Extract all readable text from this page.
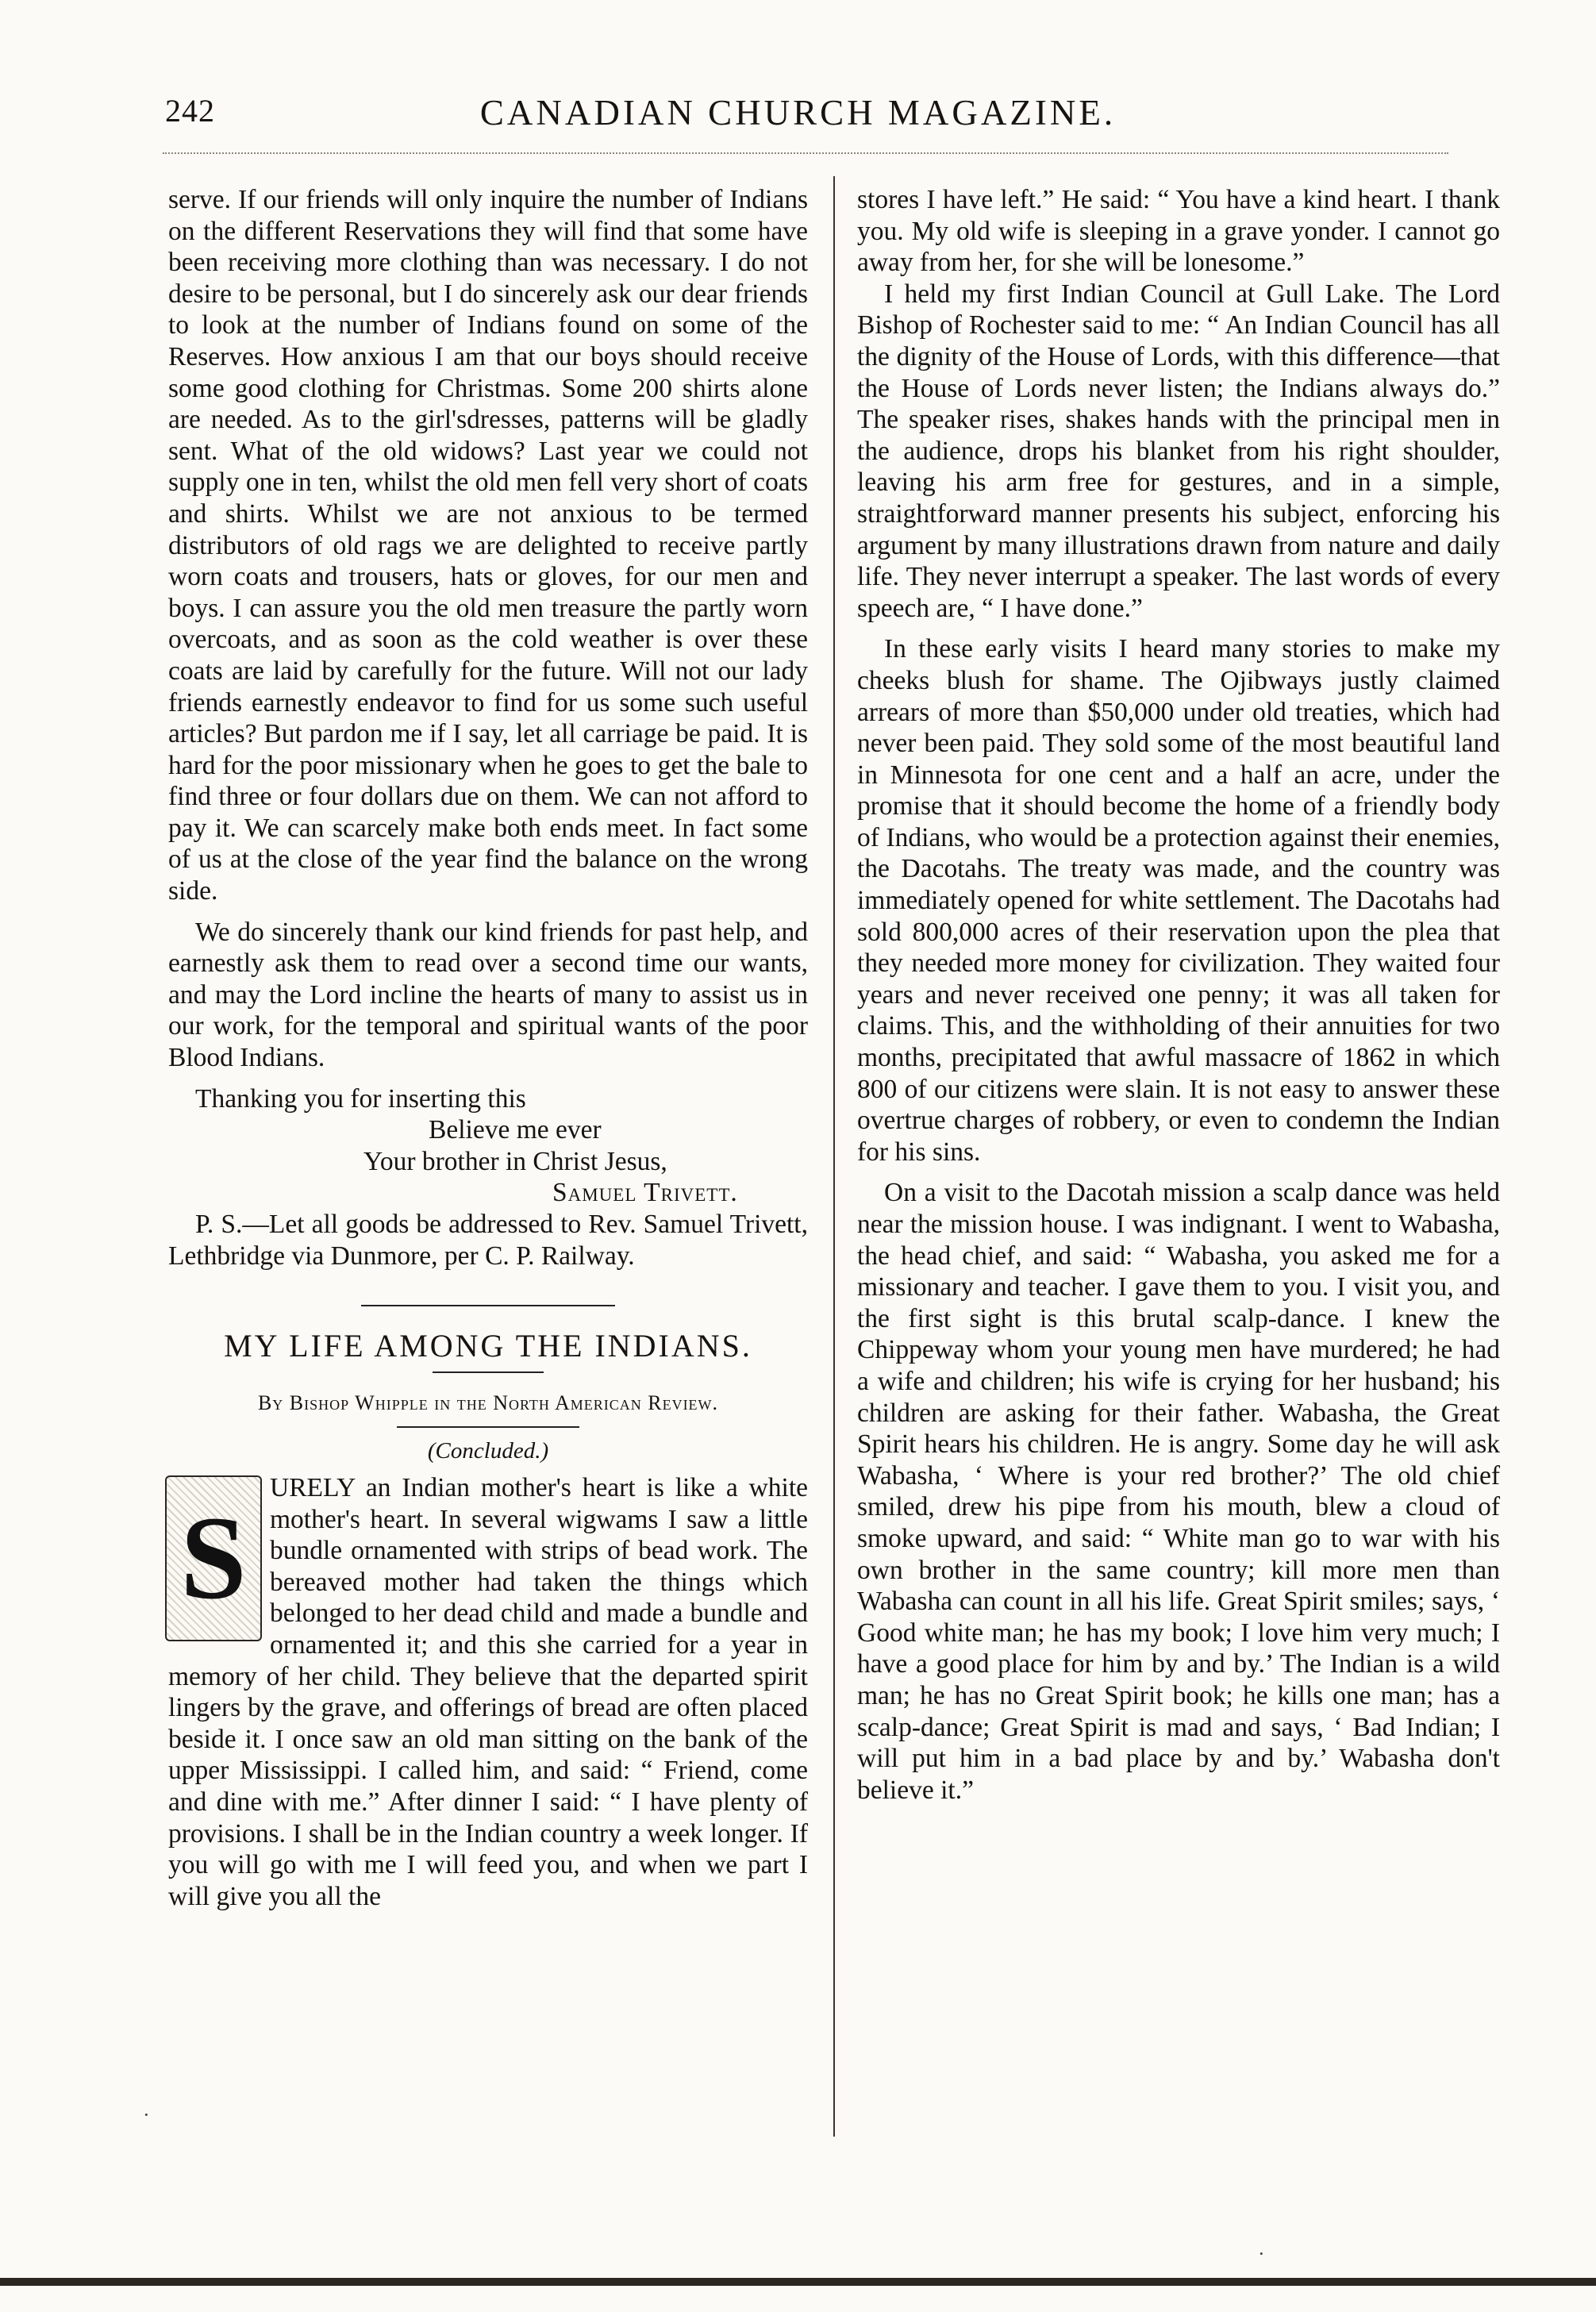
242	CANADIAN CHURCH MAGAZINE.

serve. If our friends will only inquire the number of Indians on the different Reservations they will find that some have been receiving more clothing than was necessary. I do not desire to be personal, but I do sincerely ask our dear friends to look at the number of Indians found on some of the Reserves. How anxious I am that our boys should receive some good clothing for Christmas. Some 200 shirts alone are needed. As to the girl'sdresses, patterns will be gladly sent. What of the old widows? Last year we could not supply one in ten, whilst the old men fell very short of coats and shirts. Whilst we are not anxious to be termed distributors of old rags we are delighted to receive partly worn coats and trousers, hats or gloves, for our men and boys. I can assure you the old men treasure the partly worn overcoats, and as soon as the cold weather is over these coats are laid by carefully for the future. Will not our lady friends earnestly endeavor to find for us some such useful articles? But pardon me if I say, let all carriage be paid. It is hard for the poor missionary when he goes to get the bale to find three or four dollars due on them. We can not afford to pay it. We can scarcely make both ends meet. In fact some of us at the close of the year find the balance on the wrong side.

We do sincerely thank our kind friends for past help, and earnestly ask them to read over a second time our wants, and may the Lord incline the hearts of many to assist us in our work, for the temporal and spiritual wants of the poor Blood Indians.

Thanking you for inserting this
Believe me ever
Your brother in Christ Jesus,
Samuel Trivett.

P. S.—Let all goods be addressed to Rev. Samuel Trivett, Lethbridge via Dunmore, per C. P. Railway.

MY LIFE AMONG THE INDIANS.

By Bishop Whipple in the North American Review.

(Concluded.)

S
URELY an Indian mother's heart is like a white mother's heart. In several wigwams I saw a little bundle ornamented with strips of bead work. The bereaved mother had taken the things which belonged to her dead child and made a bundle and ornamented it; and this she carried for a year in memory of her child. They believe that the departed spirit lingers by the grave, and offerings of bread are often placed beside it. I once saw an old man sitting on the bank of the upper Mississippi. I called him, and said: “ Friend, come and dine with me.” After dinner I said: “ I have plenty of provisions. I shall be in the Indian country a week longer. If you will go with me I will feed you, and when we part I will give you all the

stores I have left.” He said: “ You have a kind heart. I thank you. My old wife is sleeping in a grave yonder. I cannot go away from her, for she will be lonesome.”

I held my first Indian Council at Gull Lake. The Lord Bishop of Rochester said to me: “ An Indian Council has all the dignity of the House of Lords, with this difference—that the House of Lords never listen; the Indians always do.” The speaker rises, shakes hands with the principal men in the audience, drops his blanket from his right shoulder, leaving his arm free for gestures, and in a simple, straightforward manner presents his subject, enforcing his argument by many illustrations drawn from nature and daily life. They never interrupt a speaker. The last words of every speech are, “ I have done.”

In these early visits I heard many stories to make my cheeks blush for shame. The Ojibways justly claimed arrears of more than $50,000 under old treaties, which had never been paid. They sold some of the most beautiful land in Minnesota for one cent and a half an acre, under the promise that it should become the home of a friendly body of Indians, who would be a protection against their enemies, the Dacotahs. The treaty was made, and the country was immediately opened for white settlement. The Dacotahs had sold 800,000 acres of their reservation upon the plea that they needed more money for civilization. They waited four years and never received one penny; it was all taken for claims. This, and the withholding of their annuities for two months, precipitated that awful massacre of 1862 in which 800 of our citizens were slain. It is not easy to answer these overtrue charges of robbery, or even to condemn the Indian for his sins.

On a visit to the Dacotah mission a scalp dance was held near the mission house. I was indignant. I went to Wabasha, the head chief, and said: “ Wabasha, you asked me for a missionary and teacher. I gave them to you. I visit you, and the first sight is this brutal scalp-dance. I knew the Chippeway whom your young men have murdered; he had a wife and children; his wife is crying for her husband; his children are asking for their father. Wabasha, the Great Spirit hears his children. He is angry. Some day he will ask Wabasha, ‘ Where is your red brother?’ The old chief smiled, drew his pipe from his mouth, blew a cloud of smoke upward, and said: “ White man go to war with his own brother in the same country; kill more men than Wabasha can count in all his life. Great Spirit smiles; says, ‘ Good white man; he has my book; I love him very much; I have a good place for him by and by.’ The Indian is a wild man; he has no Great Spirit book; he kills one man; has a scalp-dance; Great Spirit is mad and says, ‘ Bad Indian; I will put him in a bad place by and by.’ Wabasha don't believe it.”

·
·
